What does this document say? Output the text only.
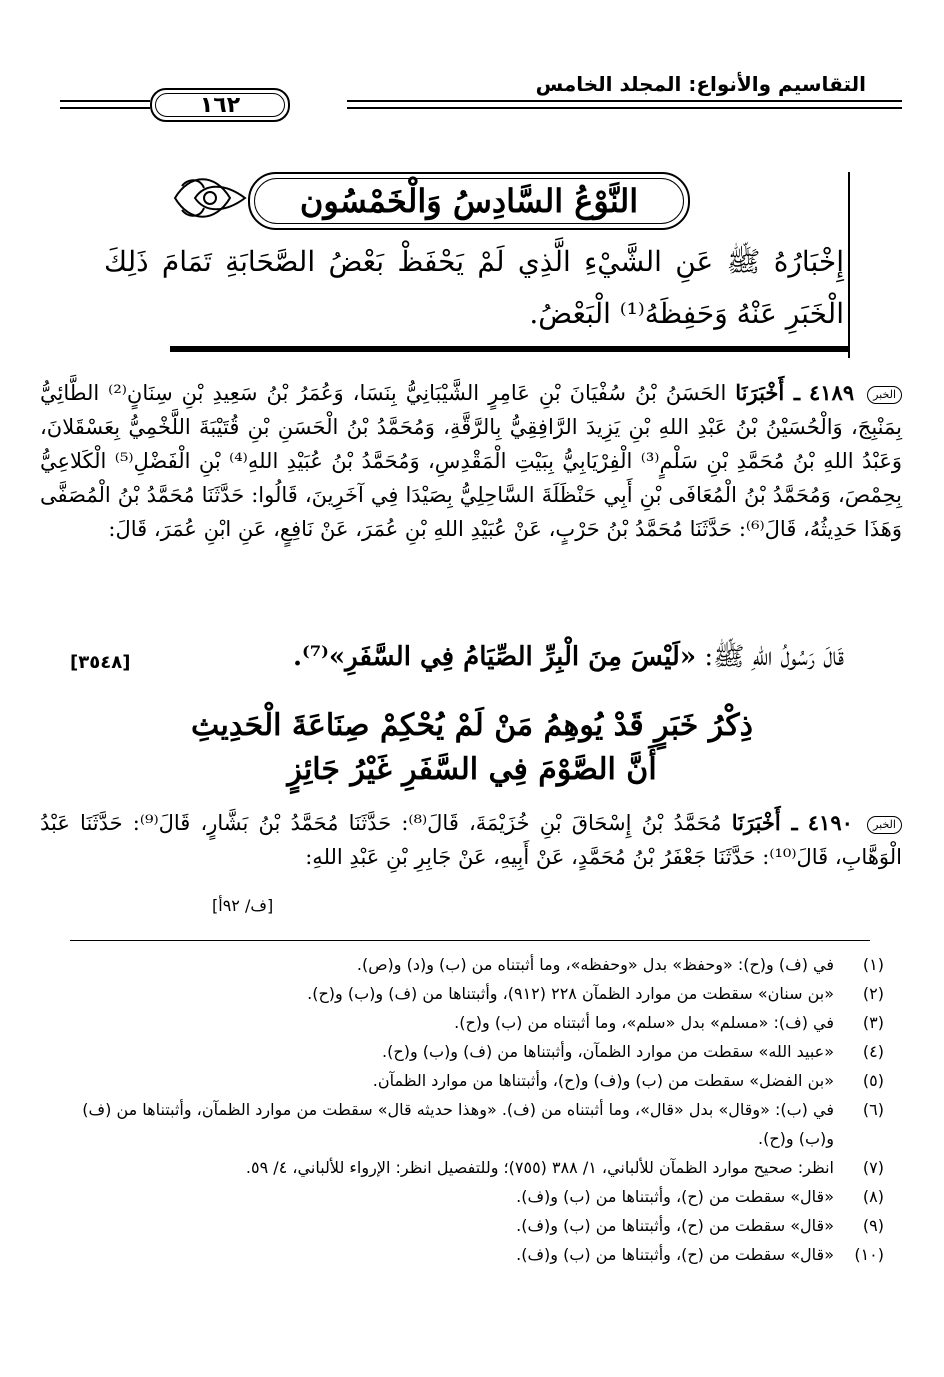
التقاسيم والأنواع: المجلد الخامس
١٦٢
النَّوْعُ السَّادِسُ وَالْخَمْسُون
إِخْبَارُهُ ﷺ عَنِ الشَّيْءِ الَّذِي لَمْ يَحْفَظْ بَعْضُ الصَّحَابَةِ تَمَامَ ذَلِكَ الْخَبَرِ عَنْهُ وَحَفِظَهُ⁽¹⁾ الْبَعْضُ.
الخبر ٤١٨٩ ـ أَخْبَرَنَا الحَسَنُ بْنُ سُفْيَانَ بْنِ عَامِرٍ الشَّيْبَانِيُّ بِنَسَا، وَعُمَرُ بْنُ سَعِيدِ بْنِ سِنَانٍ⁽²⁾ الطَّائِيُّ بِمَنْبِجَ، وَالْحُسَيْنُ بْنُ عَبْدِ اللهِ بْنِ يَزِيدَ الرَّافِقِيُّ بِالرَّقَّةِ، وَمُحَمَّدُ بْنُ الْحَسَنِ بْنِ قُتَيْبَةَ اللَّخْمِيُّ بِعَسْقَلانَ، وَعَبْدُ اللهِ بْنُ مُحَمَّدِ بْنِ سَلْمٍ⁽³⁾ الْفِرْيَابِيُّ بِبَيْتِ الْمَقْدِسِ، وَمُحَمَّدُ بْنُ عُبَيْدِ اللهِ⁽⁴⁾ بْنِ الْفَضْلِ⁽⁵⁾ الْكَلاعِيُّ بِحِمْصَ، وَمُحَمَّدُ بْنُ الْمُعَافَى بْنِ أَبِي حَنْظَلَةَ السَّاحِلِيُّ بِصَيْدَا فِي آخَرِينَ، قَالُوا: حَدَّثَنَا مُحَمَّدُ بْنُ الْمُصَفَّى وَهَذَا حَدِيثُهُ، قَالَ⁽⁶⁾: حَدَّثَنَا مُحَمَّدُ بْنُ حَرْبٍ، عَنْ عُبَيْدِ اللهِ بْنِ عُمَرَ، عَنْ نَافِعٍ، عَنِ ابْنِ عُمَرَ، قَالَ:
قَالَ رَسُولُ اللهِ ﷺ: «لَيْسَ مِنَ الْبِرِّ الصِّيَامُ فِي السَّفَرِ»⁽⁷⁾.
[٣٥٤٨]
ذِكْرُ خَبَرٍ قَدْ يُوهِمُ مَنْ لَمْ يُحْكِمْ صِنَاعَةَ الْحَدِيثِ
أَنَّ الصَّوْمَ فِي السَّفَرِ غَيْرُ جَائِزٍ
الخبر ٤١٩٠ ـ أَخْبَرَنَا مُحَمَّدُ بْنُ إِسْحَاقَ بْنِ خُزَيْمَةَ، قَالَ⁽⁸⁾: حَدَّثَنَا مُحَمَّدُ بْنُ بَشَّارٍ، قَالَ⁽⁹⁾: حَدَّثَنَا عَبْدُ الْوَهَّابِ، قَالَ⁽¹⁰⁾: حَدَّثَنَا جَعْفَرُ بْنُ مُحَمَّدٍ، عَنْ أَبِيهِ، عَنْ جَابِرِ بْنِ عَبْدِ اللهِ:
[ف/ ٩٢أ]
(١)
في (ف) و(ح): «وحفظ» بدل «وحفظه»، وما أثبتناه من (ب) و(د) و(ص).
(٢)
«بن سنان» سقطت من موارد الظمآن ٢٢٨ (٩١٢)، وأثبتناها من (ف) و(ب) و(ح).
(٣)
في (ف): «مسلم» بدل «سلم»، وما أثبتناه من (ب) و(ح).
(٤)
«عبيد الله» سقطت من موارد الظمآن، وأثبتناها من (ف) و(ب) و(ح).
(٥)
«بن الفضل» سقطت من (ب) و(ف) و(ح)، وأثبتناها من موارد الظمآن.
(٦)
في (ب): «وقال» بدل «قال»، وما أثبتناه من (ف). «وهذا حديثه قال» سقطت من موارد الظمآن، وأثبتناها من (ف) و(ب) و(ح).
(٧)
انظر: صحيح موارد الظمآن للألباني، ١/ ٣٨٨ (٧٥٥)؛ وللتفصيل انظر: الإرواء للألباني، ٤/ ٥٩.
(٨)
«قال» سقطت من (ح)، وأثبتناها من (ب) و(ف).
(٩)
«قال» سقطت من (ح)، وأثبتناها من (ب) و(ف).
(١٠)
«قال» سقطت من (ح)، وأثبتناها من (ب) و(ف).
